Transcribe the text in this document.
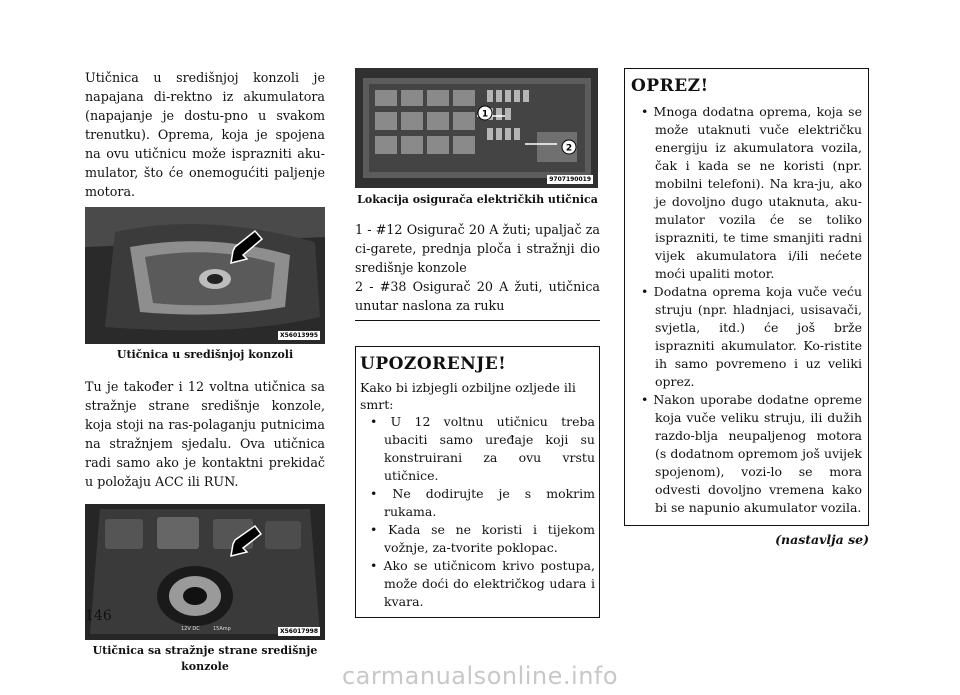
Utičnica u središnjoj konzoli je napajana di-rektno iz akumulatora (napajanje je dostu-pno u svakom trenutku). Oprema, koja je spojena na ovu utičnicu može isprazniti aku-mulator, što će onemogućiti paljenje motora.

X56013995

Utičnica u središnjoj konzoli

Tu je također i 12 voltna utičnica sa stražnje strane središnje konzole, koja stoji na ras-polaganju putnicima na stražnjem sjedalu. Ova utičnica radi samo ako je kontaktni prekidač u položaju ACC ili RUN.

12V DC	15Amp	X56017998

Utičnica sa stražnje strane središnje konzole

1
2
9707190019

Lokacija osigurača električkih utičnica

1 - #12 Osigurač 20 A žuti; upaljač za ci-garete, prednja ploča i stražnji dio središnje konzole

2 - #38 Osigurač 20 A žuti, utičnica unutar naslona za ruku

UPOZORENJE!

Kako bi izbjegli ozbiljne ozljede ili smrt:

• U 12 voltnu utičnicu treba ubaciti samo uređaje koji su konstruirani za ovu vrstu utičnice.
• Ne dodirujte je s mokrim rukama.
• Kada se ne koristi i tijekom vožnje, za-tvorite poklopac.
• Ako se utičnicom krivo postupa, može doći do električkog udara i kvara.
OPREZ!
• Mnoga dodatna oprema, koja se može utaknuti vuče električku energiju iz akumulatora vozila, čak i kada se ne koristi (npr. mobilni telefoni). Na kra-ju, ako je dovoljno dugo utaknuta, aku-mulator vozila će se toliko isprazniti, te time smanjiti radni vijek akumulatora i/ili nećete moći upaliti motor.
• Dodatna oprema koja vuče veću struju (npr. hladnjaci, usisavači, svjetla, itd.) će još brže isprazniti akumulator. Ko-ristite ih samo povremeno i uz veliki oprez.
• Nakon uporabe dodatne opreme koja vuče veliku struju, ili dužih razdo-blja neupaljenog motora (s dodatnom opremom još uvijek spojenom), vozi-lo se mora odvesti dovoljno vremena kako bi se napunio akumulator vozila.
(nastavlja se)
146
carmanualsonline.info
